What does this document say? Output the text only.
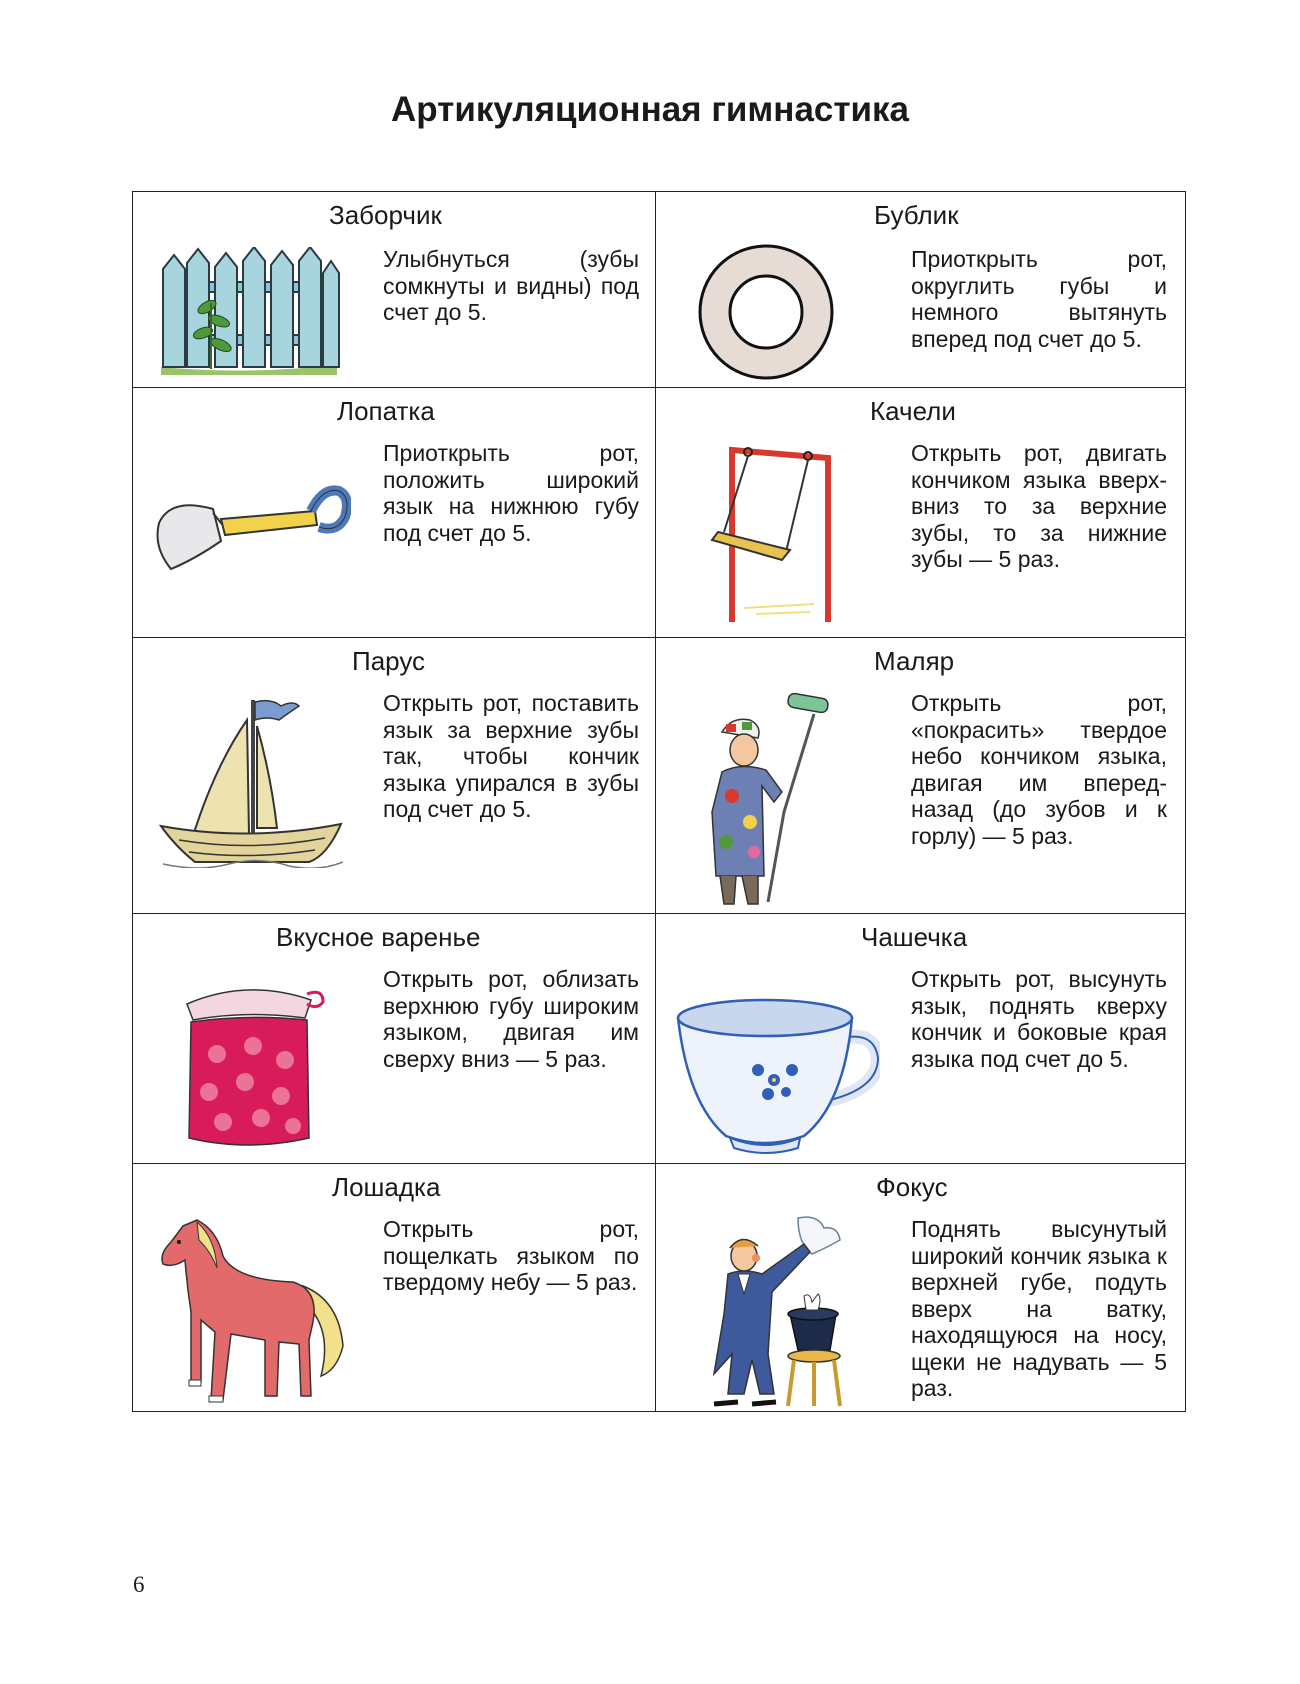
Артикуляционная гимнастика
Заборчик

Улыбнуться (зубы сомкнуты и видны) под счет до 5.

Бублик

Приоткрыть рот, округлить губы и немного вытянуть вперед под счет до 5.

Лопатка

Приоткрыть рот, положить широкий язык на нижнюю губу под счет до 5.

Качели

Открыть рот, двигать кончиком языка вверх-вниз то за верхние зубы, то за нижние зубы — 5 раз.

Парус

Открыть рот, поставить язык за верхние зубы так, чтобы кончик языка упирался в зубы под счет до 5.

Маляр

Открыть рот, «покрасить» твердое небо кончиком языка, двигая им вперед-назад (до зубов и к горлу) — 5 раз.

Вкусное варенье

Открыть рот, облизать верхнюю губу широким языком, двигая им сверху вниз — 5 раз.

Чашечка

Открыть рот, высунуть язык, поднять кверху кончик и боковые края языка под счет до 5.

Лошадка

Открыть рот, пощелкать языком по твердому небу — 5 раз.

Фокус

Поднять высунутый широкий кончик языка к верхней губе, подуть вверх на ватку, находящуюся на носу, щеки не надувать — 5 раз.

6
